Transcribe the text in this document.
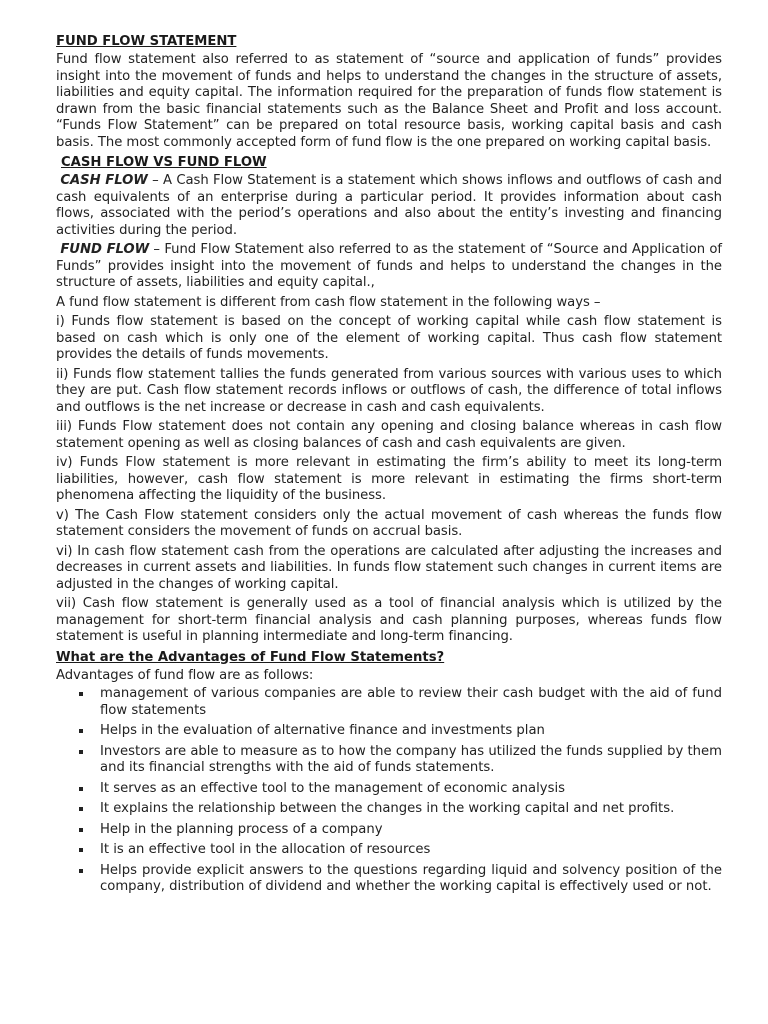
FUND FLOW STATEMENT

Fund flow statement also referred to as statement of “source and application of funds” provides insight into the movement of funds and helps to understand the changes in the structure of assets, liabilities and equity capital. The information required for the preparation of funds flow statement is drawn from the basic financial statements such as the Balance Sheet and Profit and loss account. “Funds Flow Statement” can be prepared on total resource basis, working capital basis and cash basis. The most commonly accepted form of fund flow is the one prepared on working capital basis.

CASH FLOW VS FUND FLOW

CASH FLOW – A Cash Flow Statement is a statement which shows inflows and outflows of cash and cash equivalents of an enterprise during a particular period. It provides information about cash flows, associated with the period’s operations and also about the entity’s investing and financing activities during the period.

FUND FLOW – Fund Flow Statement also referred to as the statement of “Source and Application of Funds” provides insight into the movement of funds and helps to understand the changes in the structure of assets, liabilities and equity capital.,

A fund flow statement is different from cash flow statement in the following ways –

i) Funds flow statement is based on the concept of working capital while cash flow statement is based on cash which is only one of the element of working capital. Thus cash flow statement provides the details of funds movements.

ii) Funds flow statement tallies the funds generated from various sources with various uses to which they are put. Cash flow statement records inflows or outflows of cash, the difference of total inflows and outflows is the net increase or decrease in cash and cash equivalents.

iii) Funds Flow statement does not contain any opening and closing balance whereas in cash flow statement opening as well as closing balances of cash and cash equivalents are given.

iv) Funds Flow statement is more relevant in estimating the firm’s ability to meet its long-term liabilities, however, cash flow statement is more relevant in estimating the firms short-term phenomena affecting the liquidity of the business.

v) The Cash Flow statement considers only the actual movement of cash whereas the funds flow statement considers the movement of funds on accrual basis.

vi) In cash flow statement cash from the operations are calculated after adjusting the increases and decreases in current assets and liabilities. In funds flow statement such changes in current items are adjusted in the changes of working capital.

vii) Cash flow statement is generally used as a tool of financial analysis which is utilized by the management for short-term financial analysis and cash planning purposes, whereas funds flow statement is useful in planning intermediate and long-term financing.

What are the Advantages of Fund Flow Statements?

Advantages of fund flow are as follows:

management of various companies are able to review their cash budget with the aid of fund flow statements
Helps in the evaluation of alternative finance and investments plan
Investors are able to measure as to how the company has utilized the funds supplied by them and its financial strengths with the aid of funds statements.
It serves as an effective tool to the management of economic analysis
It explains the relationship between the changes in the working capital and net profits.
Help in the planning process of a company
It is an effective tool in the allocation of resources
Helps provide explicit answers to the questions regarding liquid and solvency position of the company, distribution of dividend and whether the working capital is effectively used or not.
